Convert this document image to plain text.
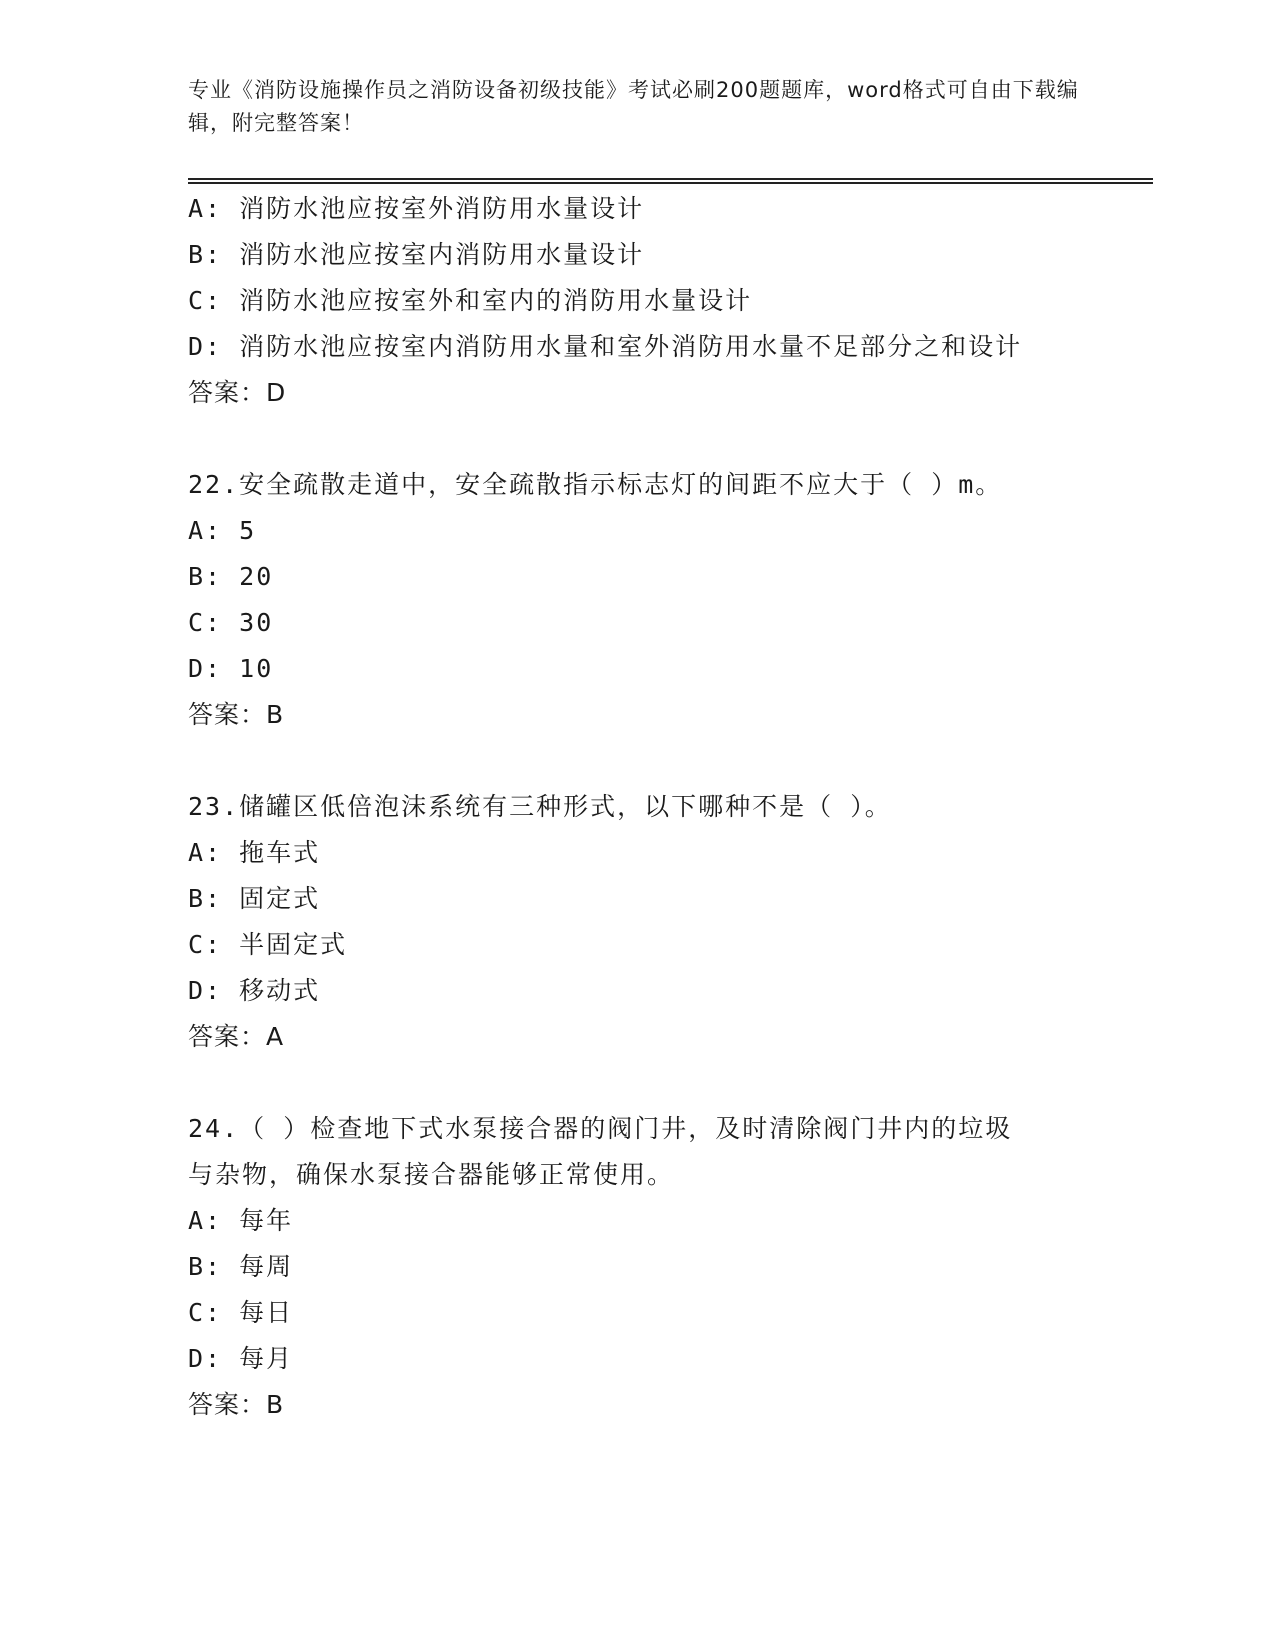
专业《消防设施操作员之消防设备初级技能》考试必刷200题题库，word格式可自由下载编辑，附完整答案！

A: 消防水池应按室外消防用水量设计
B: 消防水池应按室内消防用水量设计
C: 消防水池应按室外和室内的消防用水量设计
D: 消防水池应按室内消防用水量和室外消防用水量不足部分之和设计
答案：D
22.安全疏散走道中，安全疏散指示标志灯的间距不应大于（ ）m。
A: 5
B: 20
C: 30
D: 10
答案：B
23.储罐区低倍泡沫系统有三种形式，以下哪种不是（ ）。
A: 拖车式
B: 固定式
C: 半固定式
D: 移动式
答案：A
24.（ ）检查地下式水泵接合器的阀门井，及时清除阀门井内的垃圾
与杂物，确保水泵接合器能够正常使用。
A: 每年
B: 每周
C: 每日
D: 每月
答案：B
